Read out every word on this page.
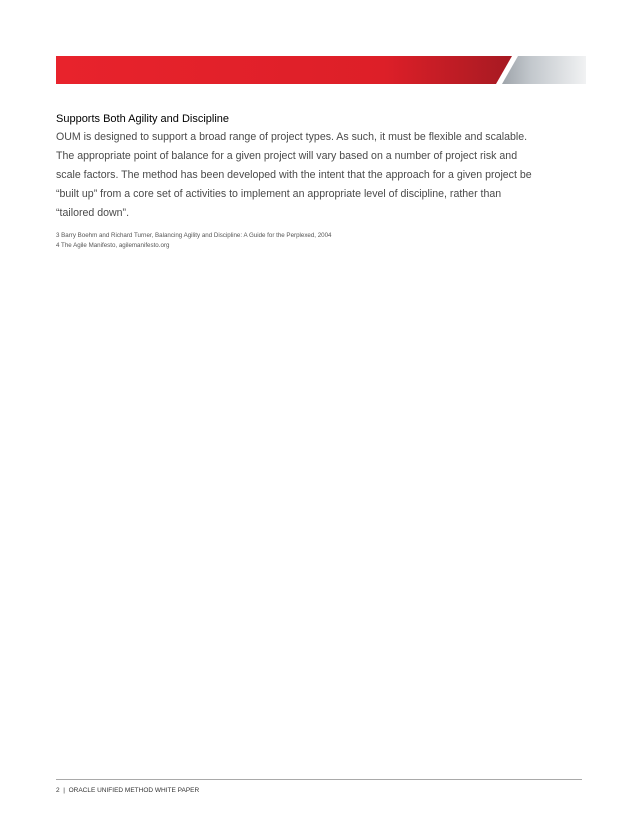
Supports Both Agility and Discipline

OUM is designed to support a broad range of project types. As such, it must be flexible and scalable.
The appropriate point of balance for a given project will vary based on a number of project risk and
scale factors. The method has been developed with the intent that the approach for a given project be
“built up” from a core set of activities to implement an appropriate level of discipline, rather than
“tailored down”.

3 Barry Boehm and Richard Turner, Balancing Agility and Discipline: A Guide for the Perplexed, 2004
4 The Agile Manifesto, agilemanifesto.org
2 | ORACLE UNIFIED METHOD WHITE PAPER
